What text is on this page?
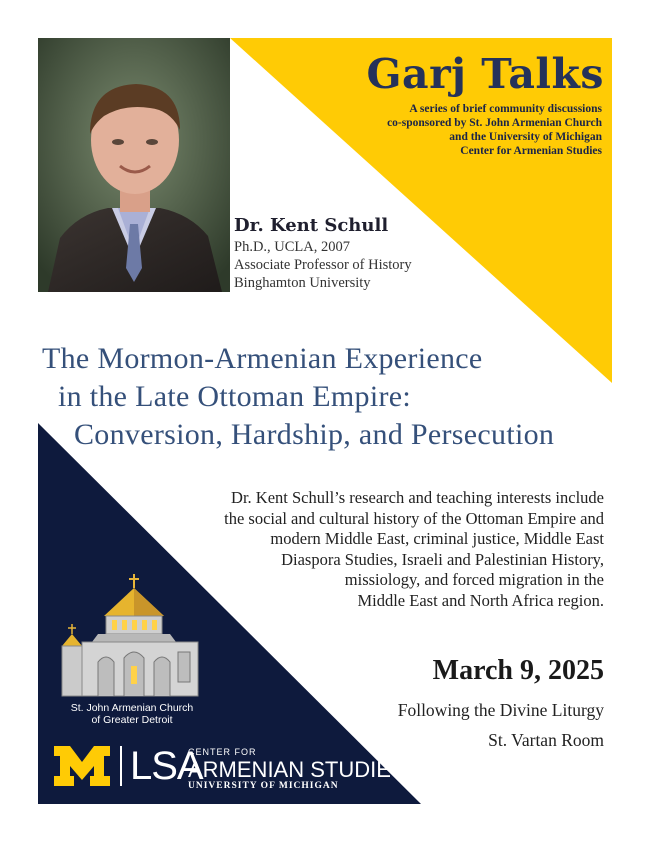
Garj Talks
A series of brief community discussions
co-sponsored by St. John Armenian Church
and the University of Michigan
Center for Armenian Studies
Dr. Kent Schull
Ph.D., UCLA, 2007
Associate Professor of History
Binghamton University
The Mormon-Armenian Experience
in the Late Ottoman Empire:
Conversion, Hardship, and Persecution
Dr. Kent Schull’s research and teaching interests include
the social and cultural history of the Ottoman Empire and
modern Middle East, criminal justice, Middle East
Diaspora Studies, Israeli and Palestinian History,
missiology, and forced migration in the
Middle East and North Africa region.
March 9, 2025
Following the Divine Liturgy
St. Vartan Room
St. John Armenian Church
of Greater Detroit
LSA
CENTER FOR
ARMENIAN STUDIES
UNIVERSITY OF MICHIGAN
